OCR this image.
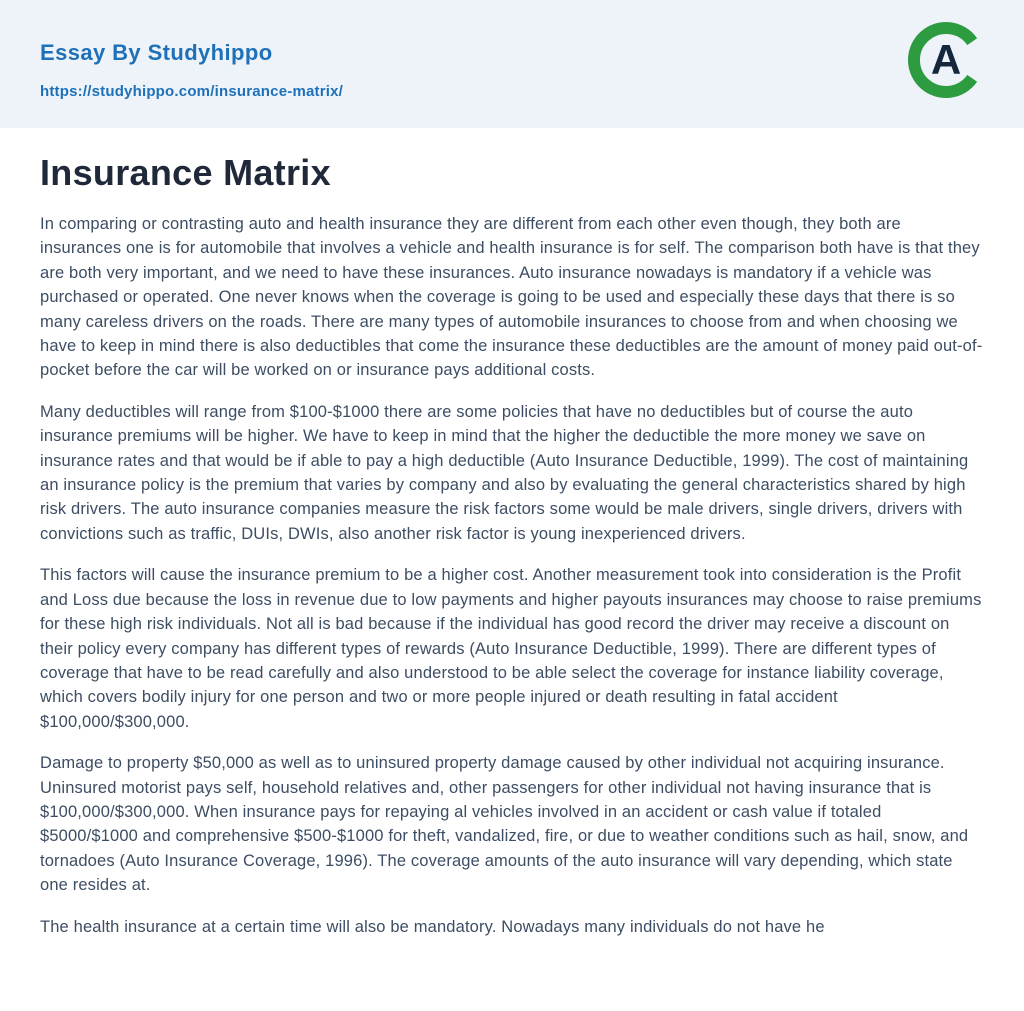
Essay By Studyhippo
https://studyhippo.com/insurance-matrix/
A
Insurance Matrix

In comparing or contrasting auto and health insurance they are different from each other even though, they both are insurances one is for automobile that involves a vehicle and health insurance is for self. The comparison both have is that they are both very important, and we need to have these insurances. Auto insurance nowadays is mandatory if a vehicle was purchased or operated. One never knows when the coverage is going to be used and especially these days that there is so many careless drivers on the roads. There are many types of automobile insurances to choose from and when choosing we have to keep in mind there is also deductibles that come the insurance these deductibles are the amount of money paid out-of- pocket before the car will be worked on or insurance pays additional costs.

Many deductibles will range from $100-$1000 there are some policies that have no deductibles but of course the auto insurance premiums will be higher. We have to keep in mind that the higher the deductible the more money we save on insurance rates and that would be if able to pay a high deductible (Auto Insurance Deductible, 1999). The cost of maintaining an insurance policy is the premium that varies by company and also by evaluating the general characteristics shared by high risk drivers. The auto insurance companies measure the risk factors some would be male drivers, single drivers, drivers with convictions such as traffic, DUIs, DWIs, also another risk factor is young inexperienced drivers.

This factors will cause the insurance premium to be a higher cost. Another measurement took into consideration is the Profit and Loss due because the loss in revenue due to low payments and higher payouts insurances may choose to raise premiums for these high risk individuals. Not all is bad because if the individual has good record the driver may receive a discount on their policy every company has different types of rewards (Auto Insurance Deductible, 1999). There are different types of coverage that have to be read carefully and also understood to be able select the coverage for instance liability coverage, which covers bodily injury for one person and two or more people injured or death resulting in fatal accident $100,000/$300,000.

Damage to property $50,000 as well as to uninsured property damage caused by other individual not acquiring insurance. Uninsured motorist pays self, household relatives and, other passengers for other individual not having insurance that is $100,000/$300,000. When insurance pays for repaying al vehicles involved in an accident or cash value if totaled $5000/$1000 and comprehensive $500-$1000 for theft, vandalized, fire, or due to weather conditions such as hail, snow, and tornadoes (Auto Insurance Coverage, 1996). The coverage amounts of the auto insurance will vary depending, which state one resides at.

The health insurance at a certain time will also be mandatory. Nowadays many individuals do not have he
